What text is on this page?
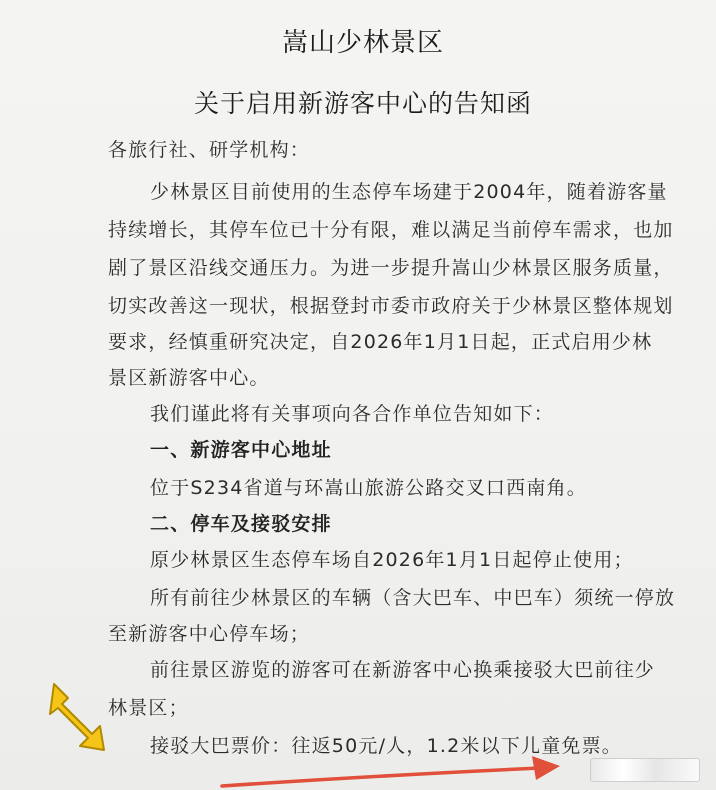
嵩山少林景区
关于启用新游客中心的告知函
各旅行社、研学机构：
少林景区目前使用的生态停车场建于2004年，随着游客量
持续增长，其停车位已十分有限，难以满足当前停车需求，也加
剧了景区沿线交通压力。为进一步提升嵩山少林景区服务质量，
切实改善这一现状，根据登封市委市政府关于少林景区整体规划
要求，经慎重研究决定，自2026年1月1日起，正式启用少林
景区新游客中心。
我们谨此将有关事项向各合作单位告知如下：
一、新游客中心地址
位于S234省道与环嵩山旅游公路交叉口西南角。
二、停车及接驳安排
原少林景区生态停车场自2026年1月1日起停止使用；
所有前往少林景区的车辆（含大巴车、中巴车）须统一停放
至新游客中心停车场；
前往景区游览的游客可在新游客中心换乘接驳大巴前往少
林景区；
接驳大巴票价：往返50元/人，1.2米以下儿童免票。
